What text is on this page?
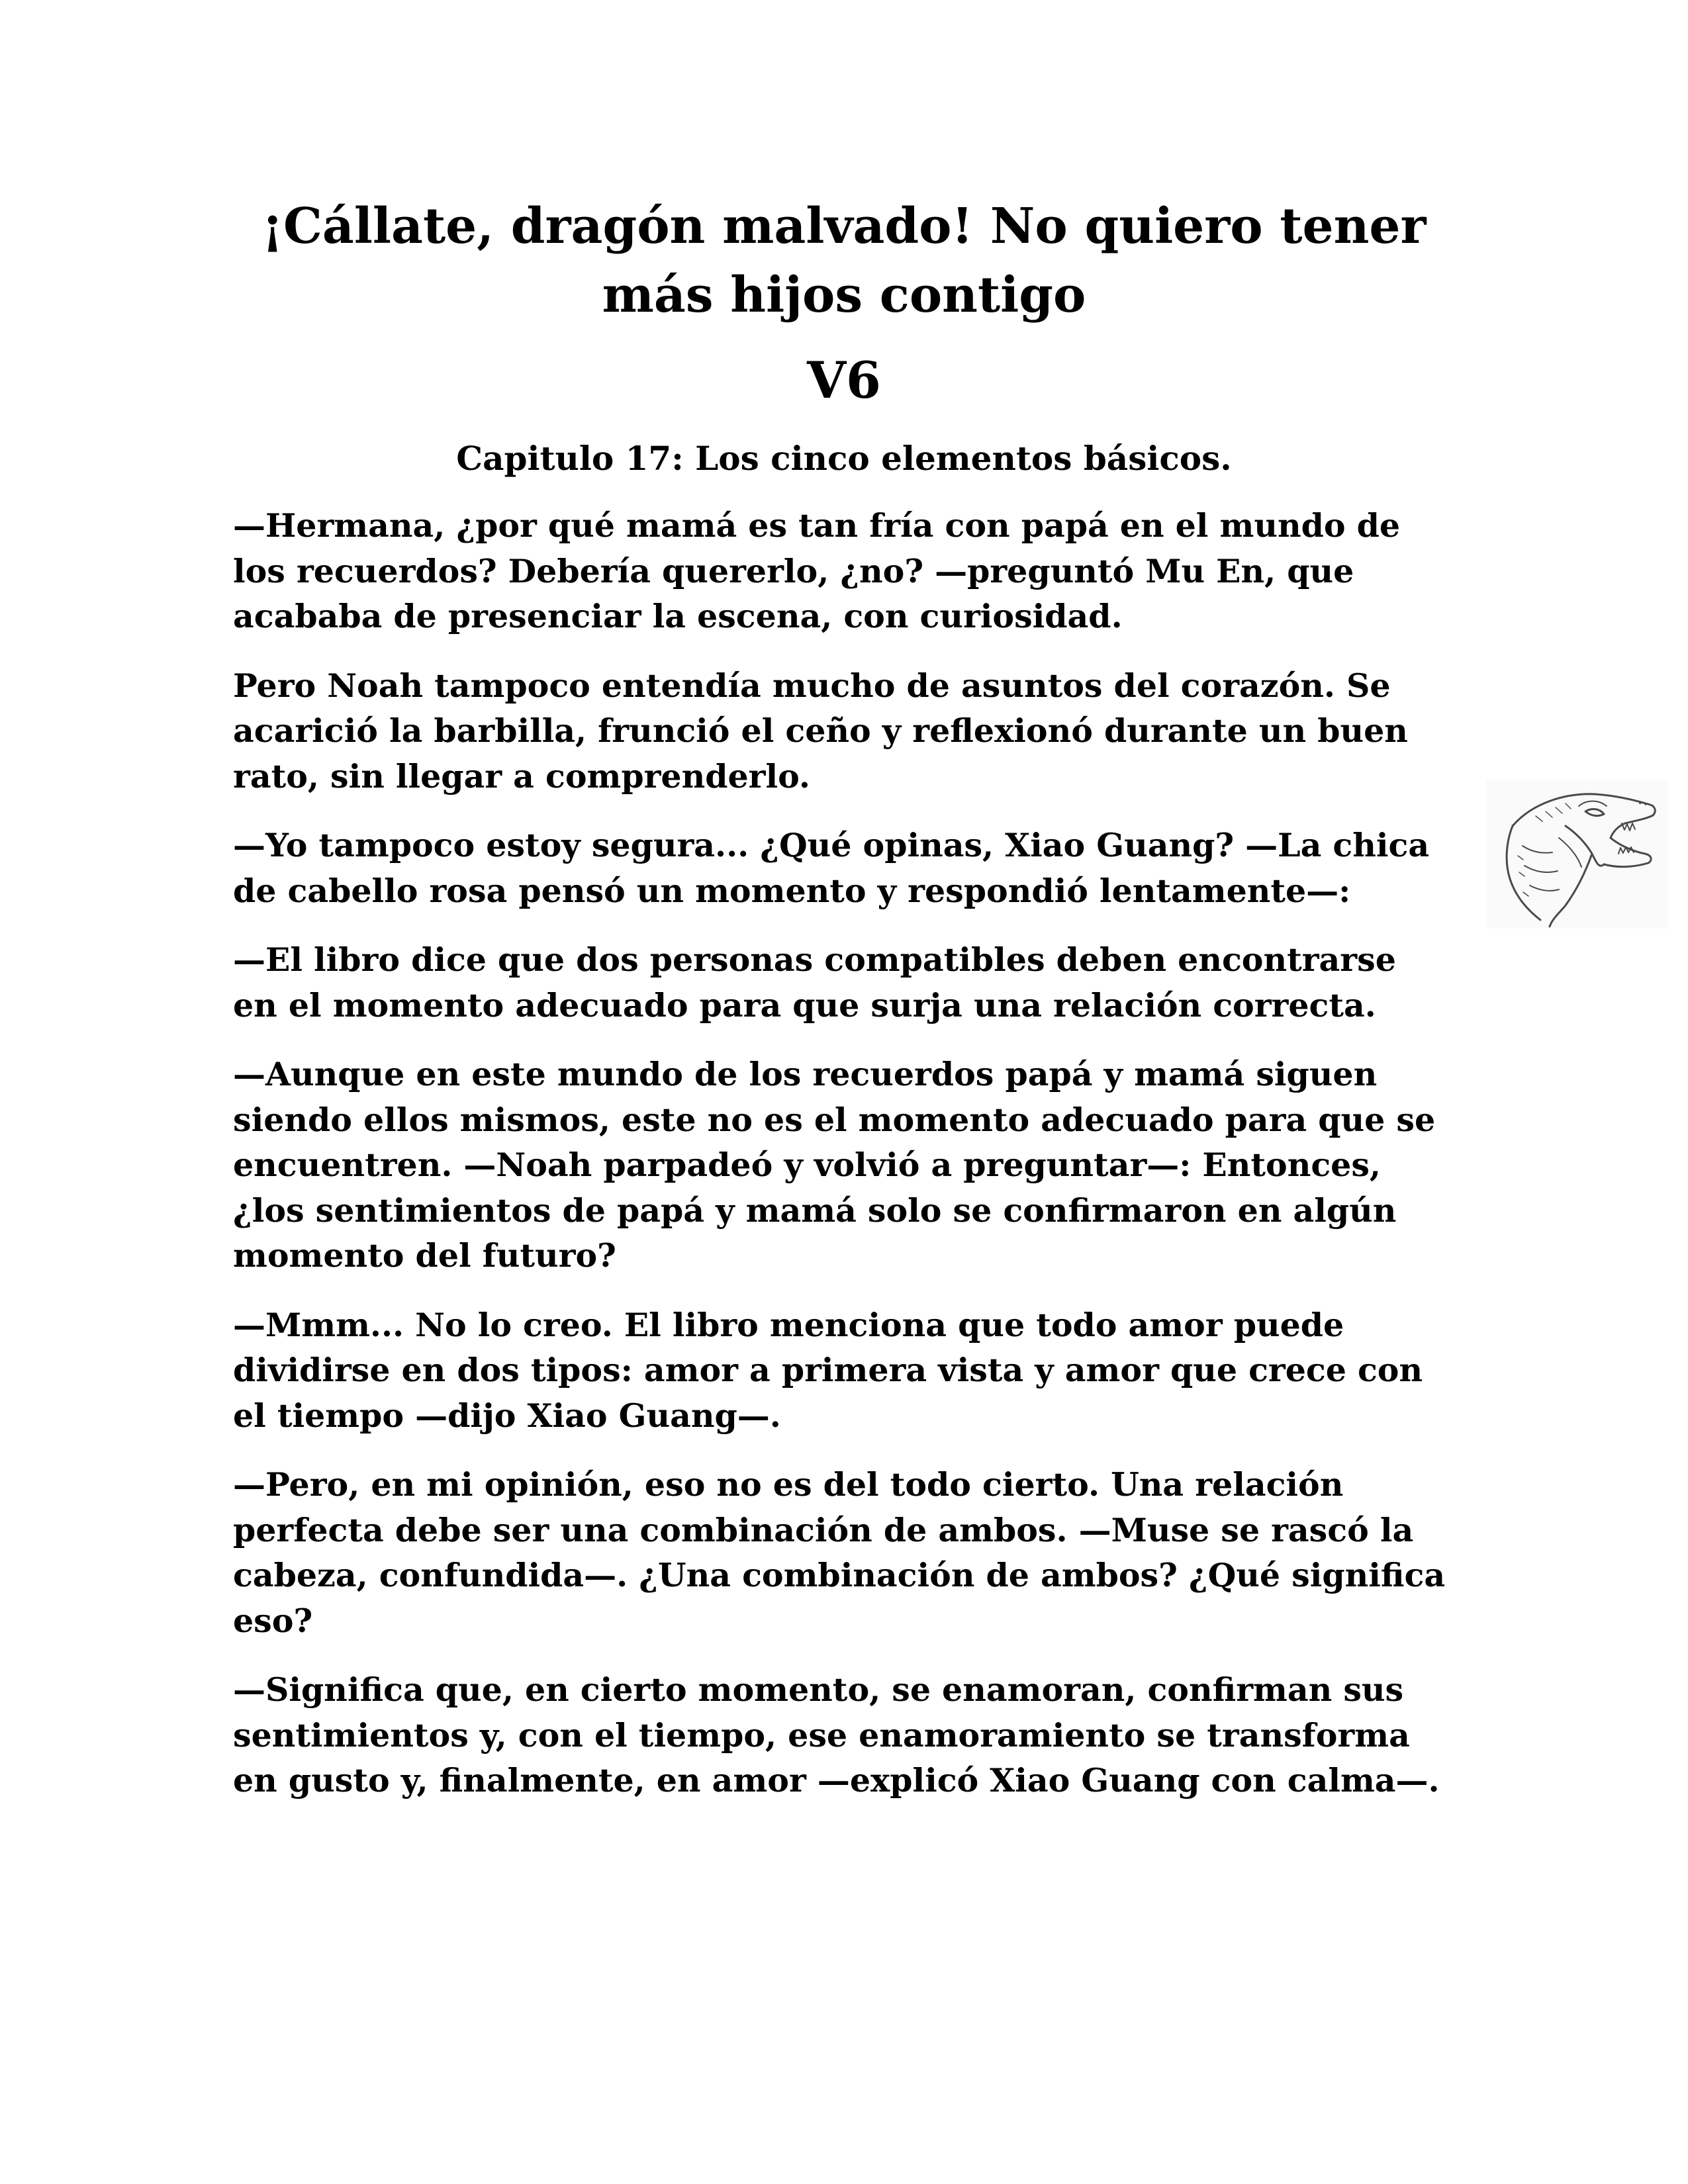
¡Cállate, dragón malvado! No quiero tener más hijos contigo
V6
Capitulo 17: Los cinco elementos básicos.

—Hermana, ¿por qué mamá es tan fría con papá en el mundo de los recuerdos? Debería quererlo, ¿no? —preguntó Mu En, que acababa de presenciar la escena, con curiosidad.

Pero Noah tampoco entendía mucho de asuntos del corazón. Se acarició la barbilla, frunció el ceño y reflexionó durante un buen rato, sin llegar a comprenderlo.

—Yo tampoco estoy segura... ¿Qué opinas, Xiao Guang? —La chica de cabello rosa pensó un momento y respondió lentamente—:

—El libro dice que dos personas compatibles deben encontrarse en el momento adecuado para que surja una relación correcta.

—Aunque en este mundo de los recuerdos papá y mamá siguen siendo ellos mismos, este no es el momento adecuado para que se encuentren. —Noah parpadeó y volvió a preguntar—: Entonces, ¿los sentimientos de papá y mamá solo se confirmaron en algún momento del futuro?

—Mmm... No lo creo. El libro menciona que todo amor puede dividirse en dos tipos: amor a primera vista y amor que crece con el tiempo —dijo Xiao Guang—.

—Pero, en mi opinión, eso no es del todo cierto. Una relación perfecta debe ser una combinación de ambos. —Muse se rascó la cabeza, confundida—. ¿Una combinación de ambos? ¿Qué significa eso?

—Significa que, en cierto momento, se enamoran, confirman sus sentimientos y, con el tiempo, ese enamoramiento se transforma en gusto y, finalmente, en amor —explicó Xiao Guang con calma—.
